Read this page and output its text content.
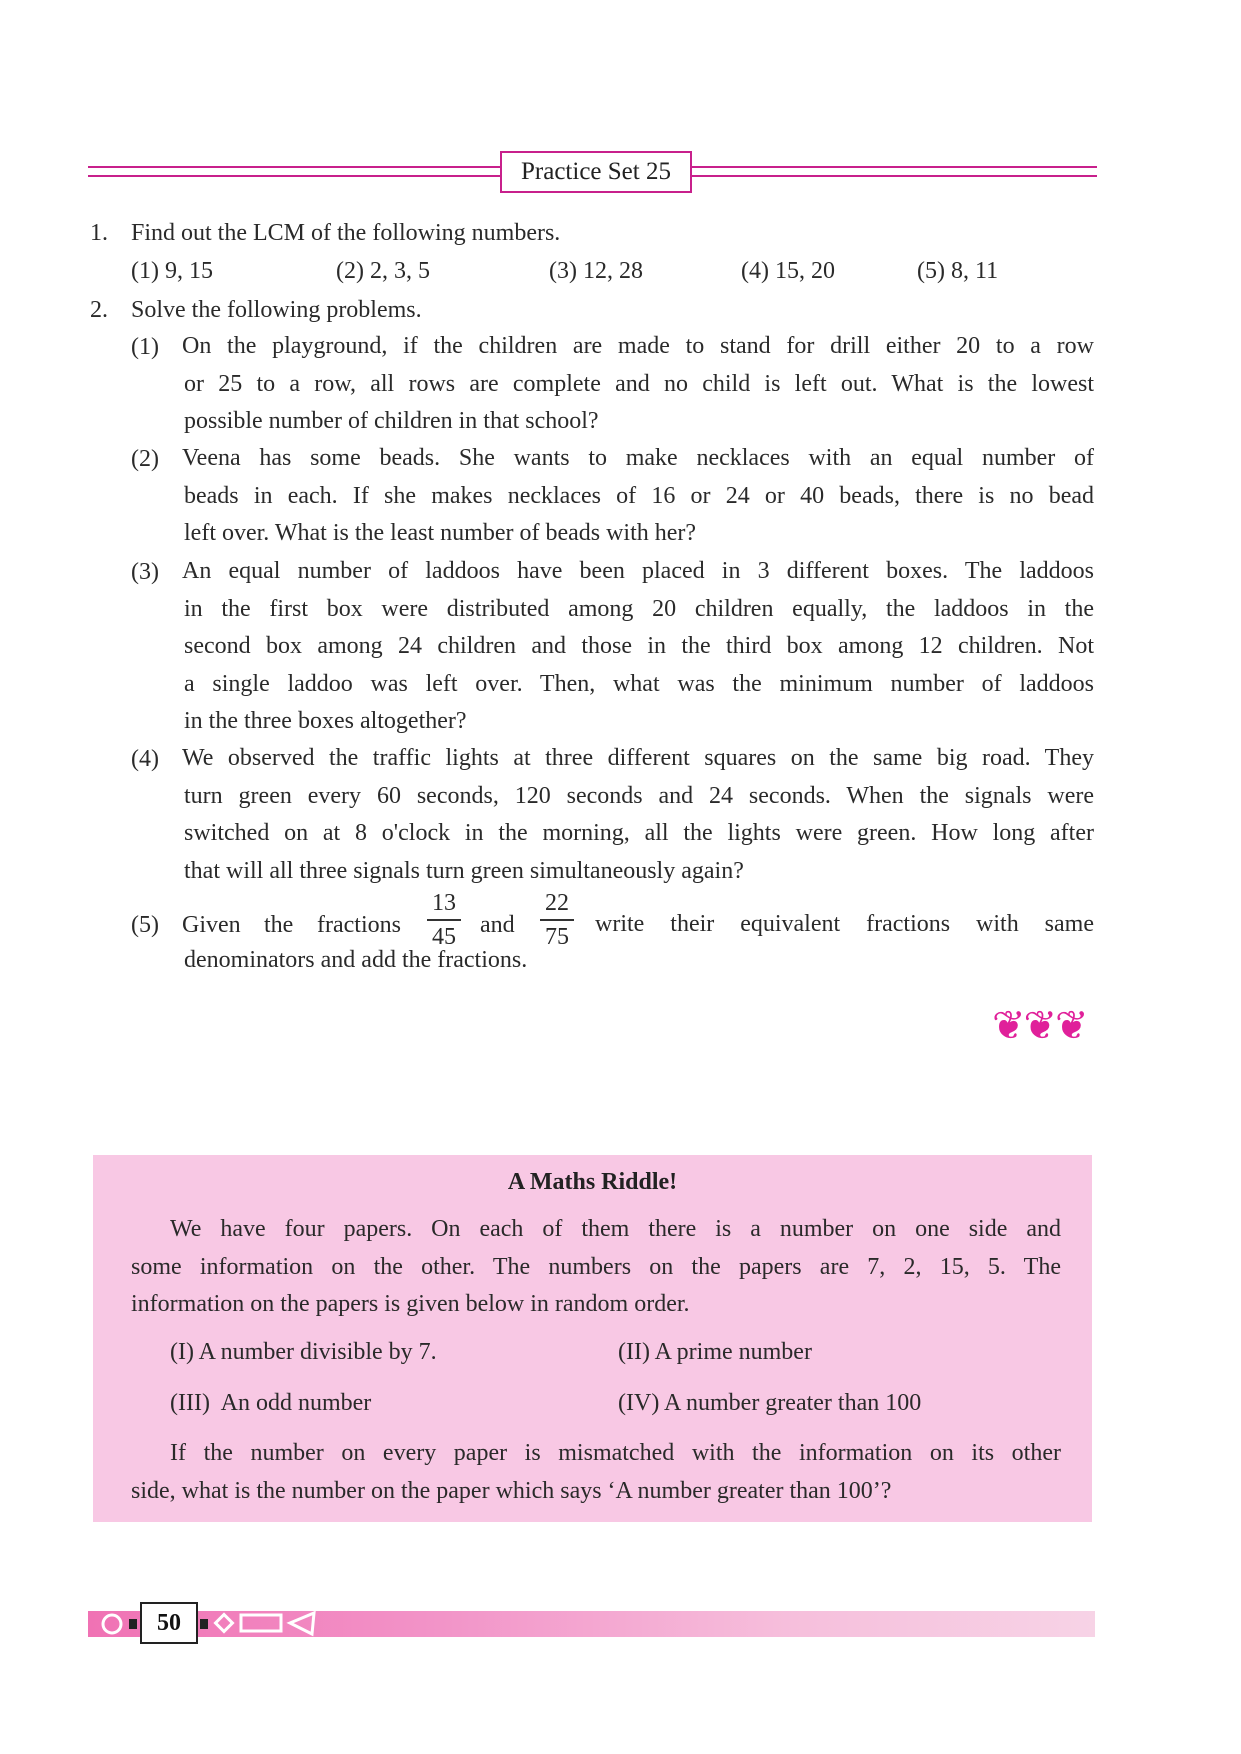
Practice Set 25
1. Find out the LCM of the following numbers.
(1) 9, 15	(2) 2, 3, 5	(3) 12, 28	(4) 15, 20	(5) 8, 11
2. Solve the following problems.
(1) On the playground, if the children are made to stand for drill either 20 to a row
or 25 to a row, all rows are complete and no child is left out. What is the lowest
possible number of children in that school?
(2) Veena has some beads. She wants to make necklaces with an equal number of
beads in each. If she makes necklaces of 16 or 24 or 40 beads, there is no bead
left over. What is the least number of beads with her?
(3) An equal number of laddoos have been placed in 3 different boxes. The laddoos
in the first box were distributed among 20 children equally, the laddoos in the
second box among 24 children and those in the third box among 12 children. Not
a single laddoo was left over. Then, what was the minimum number of laddoos
in the three boxes altogether?
(4) We observed the traffic lights at three different squares on the same big road. They
turn green every 60 seconds, 120 seconds and 24 seconds. When the signals were
switched on at 8 o'clock in the morning, all the lights were green. How long after
that will all three signals turn green simultaneously again?
(5) Given the fractions
13
45 and
22
75 write their equivalent fractions with same
denominators and add the fractions.
❦❦❦
A Maths Riddle!
We have four papers. On each of them there is a number on one side and
some information on the other. The numbers on the papers are 7, 2, 15, 5. The
information on the papers is given below in random order.
(I) A number divisible by 7.	(II) A prime number
(III)  An odd number	(IV) A number greater than 100
If the number on every paper is mismatched with the information on its other
side, what is the number on the paper which says ‘A number greater than 100’?
50
